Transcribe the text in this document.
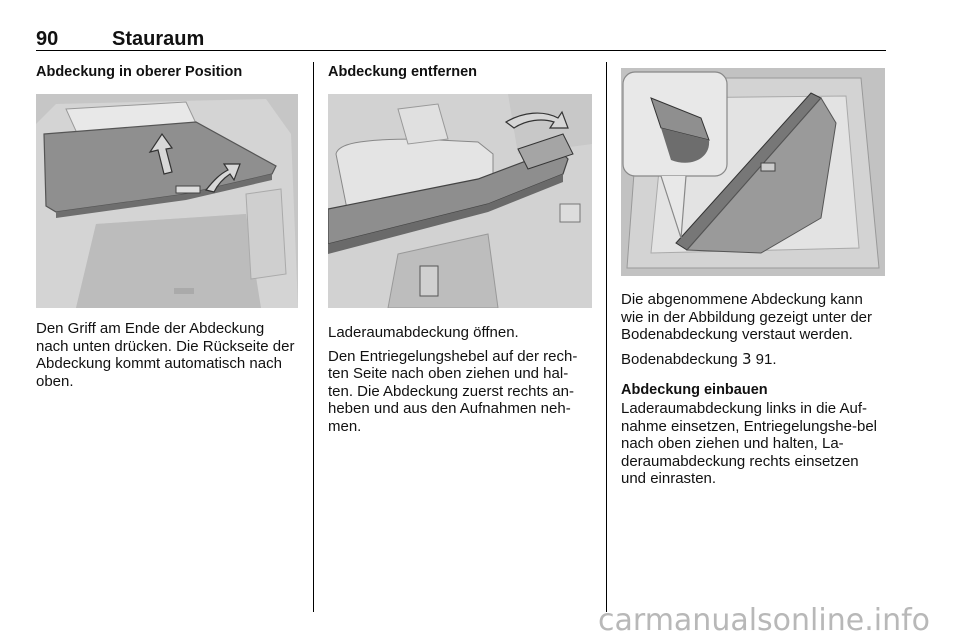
90	Stauraum
Abdeckung in oberer Position

Den Griff am Ende der Abdeckung nach unten drücken. Die Rückseite der Abdeckung kommt automatisch nach oben.

Abdeckung entfernen

Laderaumabdeckung öffnen.

Den Entriegelungshebel auf der rech-ten Seite nach oben ziehen und hal-ten. Die Abdeckung zuerst rechts an-heben und aus den Aufnahmen neh-men.

Die abgenommene Abdeckung kann wie in der Abbildung gezeigt unter der Bodenabdeckung verstaut werden.

Bodenabdeckung 3 91.

Abdeckung einbauen

Laderaumabdeckung links in die Auf-nahme einsetzen, Entriegelungshe-bel nach oben ziehen und halten, La-deraumabdeckung rechts einsetzen und einrasten.

carmanualsonline.info
